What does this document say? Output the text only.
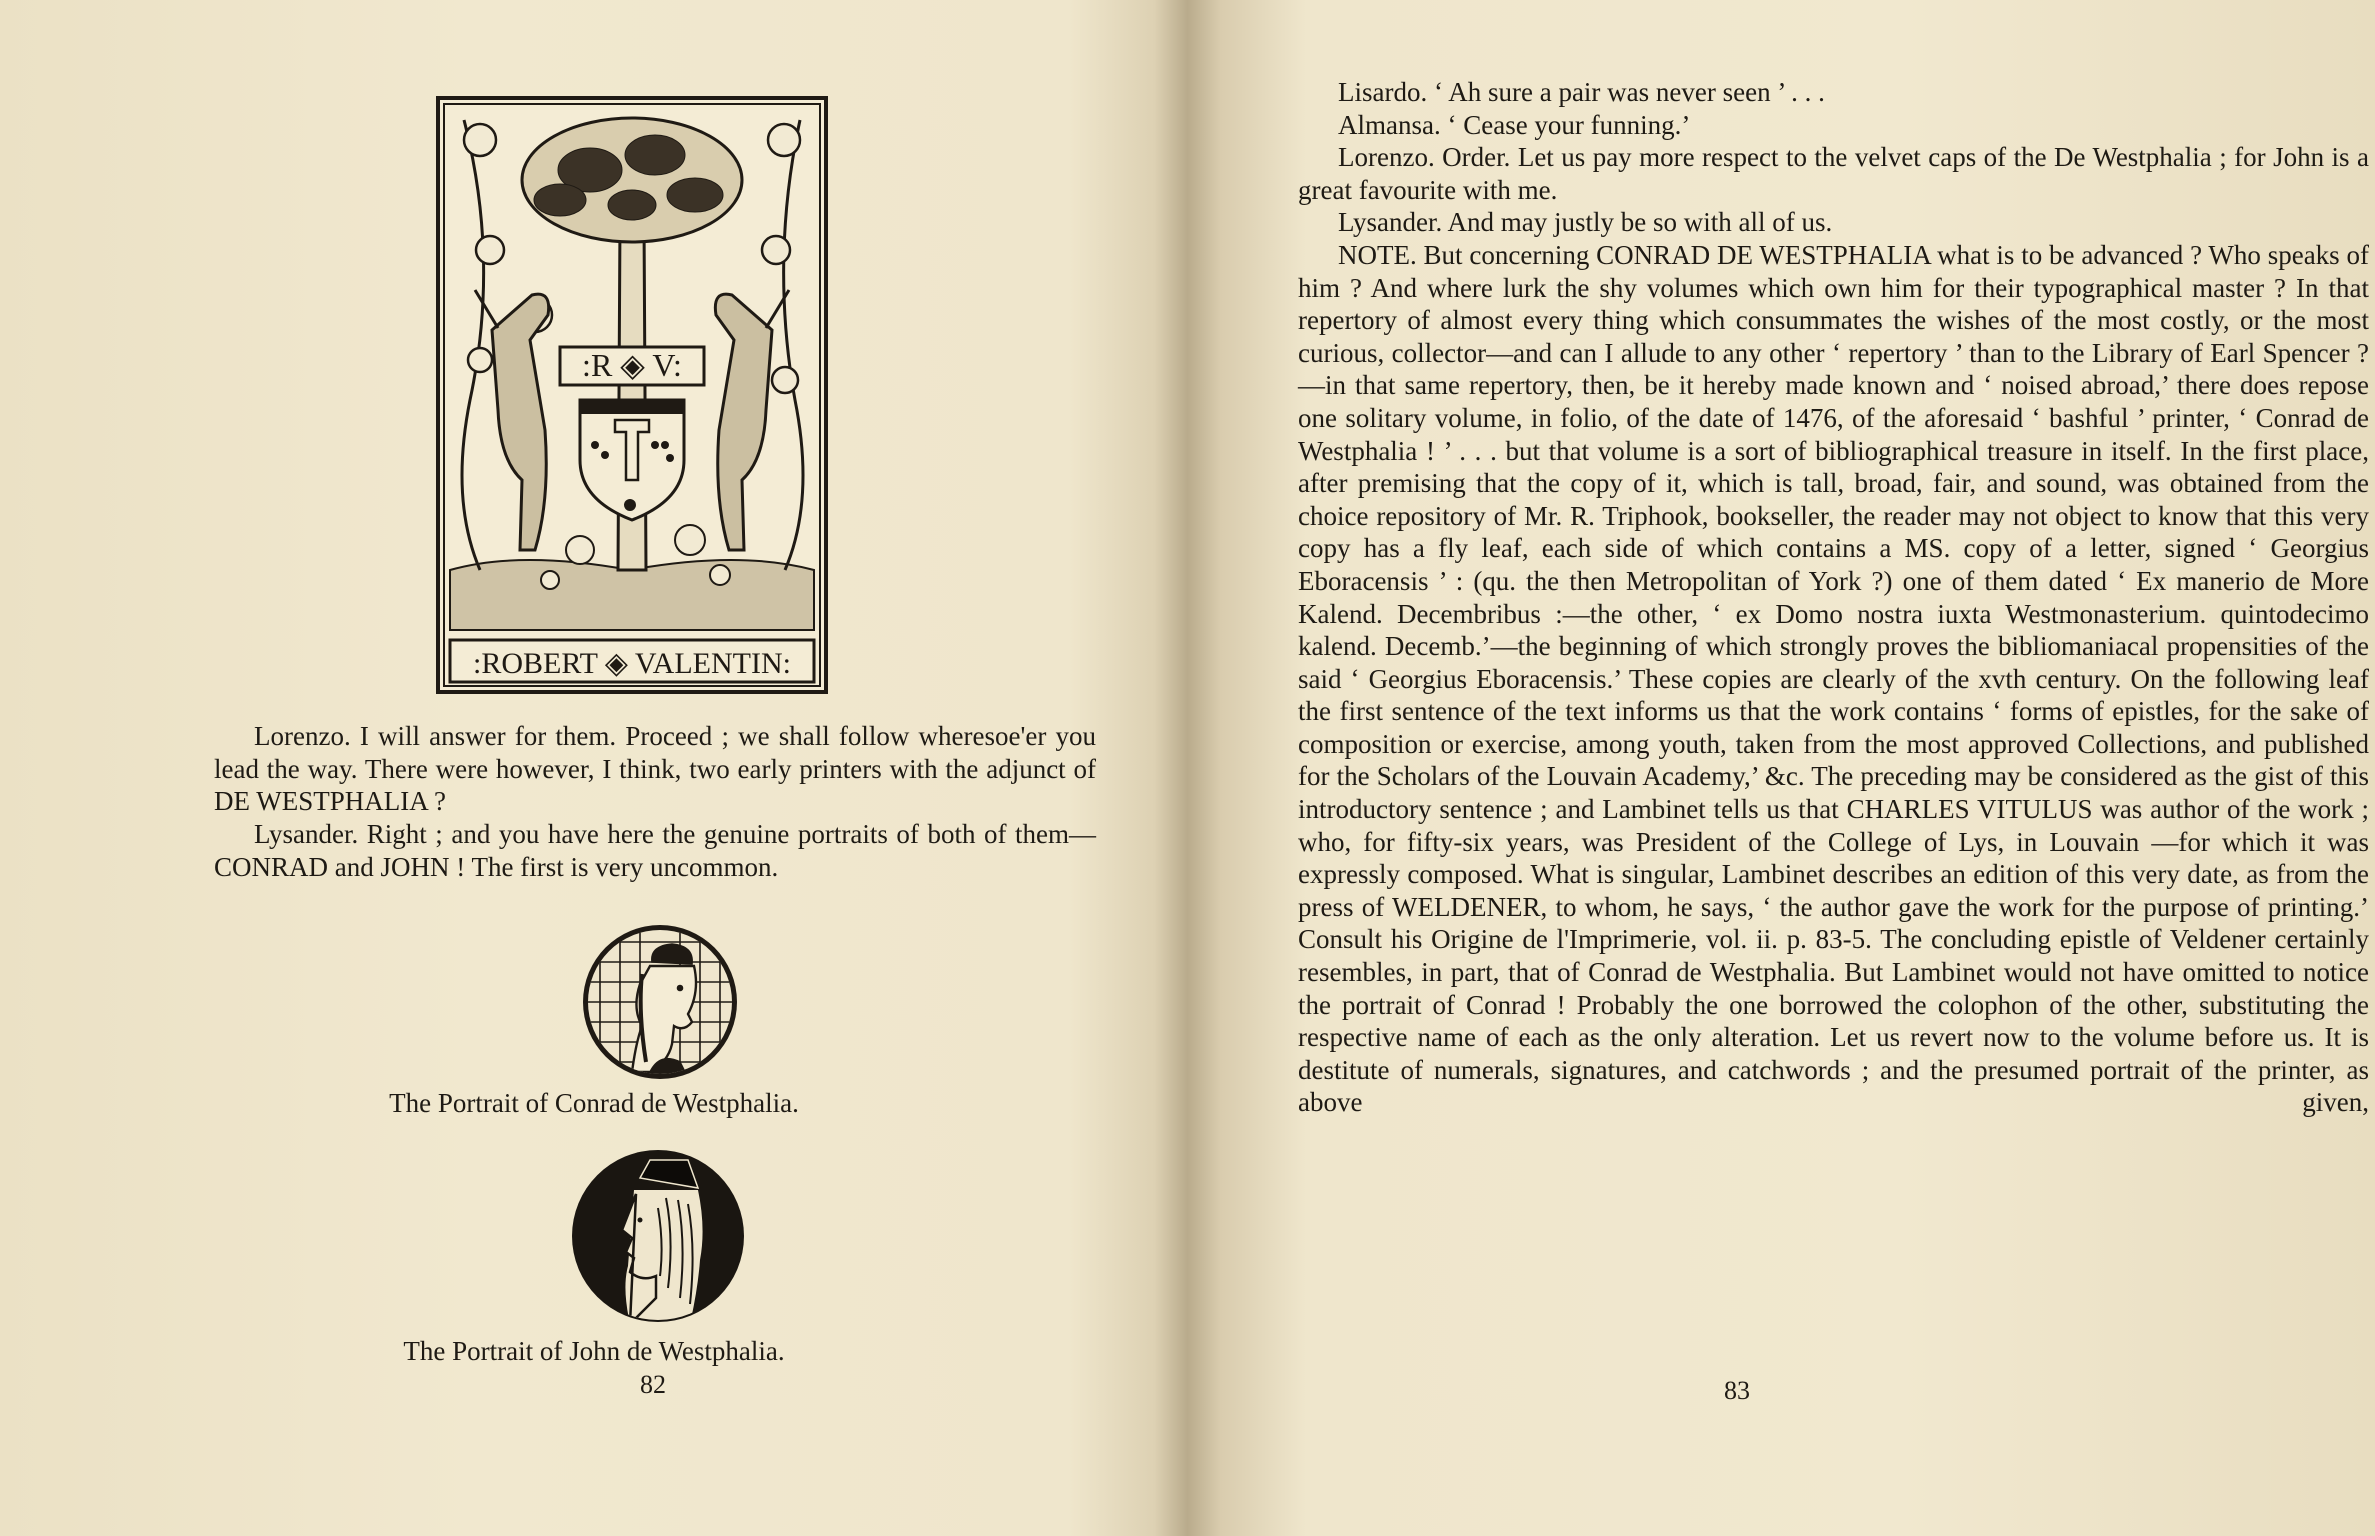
:R ◈ V:
:ROBERT ◈ VALENTIN:

Lorenzo. I will answer for them. Proceed ; we shall follow wheresoe'er you lead the way. There were however, I think, two early printers with the adjunct of DE WESTPHALIA ?

Lysander. Right ; and you have here the genuine portraits of both of them—CONRAD and JOHN ! The first is very uncommon.

The Portrait of Conrad de Westphalia.
The Portrait of John de Westphalia.
82

Lisardo. ‘ Ah sure a pair was never seen ’ . . .

Almansa. ‘ Cease your funning.’

Lorenzo. Order. Let us pay more respect to the velvet caps of the De Westphalia ; for John is a great favourite with me.

Lysander. And may justly be so with all of us.

NOTE. But concerning CONRAD DE WESTPHALIA what is to be advanced ? Who speaks of him ? And where lurk the shy volumes which own him for their typographical master ? In that repertory of almost every thing which consummates the wishes of the most costly, or the most curious, collector—and can I allude to any other ‘ repertory ’ than to the Library of Earl Spencer ?—in that same repertory, then, be it hereby made known and ‘ noised abroad,’ there does repose one solitary volume, in folio, of the date of 1476, of the aforesaid ‘ bashful ’ printer, ‘ Conrad de Westphalia ! ’ . . . but that volume is a sort of bibliographical treasure in itself. In the first place, after premising that the copy of it, which is tall, broad, fair, and sound, was obtained from the choice repository of Mr. R. Triphook, bookseller, the reader may not object to know that this very copy has a fly leaf, each side of which contains a MS. copy of a letter, signed ‘ Georgius Eboracensis ’ : (qu. the then Metropolitan of York ?) one of them dated ‘ Ex manerio de More Kalend. Decembribus :—the other, ‘ ex Domo nostra iuxta Westmonasterium. quintodecimo kalend. Decemb.’—the beginning of which strongly proves the bibliomaniacal propensities of the said ‘ Georgius Eboracensis.’ These copies are clearly of the xvth century. On the following leaf the first sentence of the text informs us that the work contains ‘ forms of epistles, for the sake of composition or exercise, among youth, taken from the most approved Collections, and published for the Scholars of the Louvain Academy,’ &c. The preceding may be considered as the gist of this introductory sentence ; and Lambinet tells us that CHARLES VITULUS was author of the work ; who, for fifty-six years, was President of the College of Lys, in Louvain —for which it was expressly composed. What is singular, Lambinet describes an edition of this very date, as from the press of WELDENER, to whom, he says, ‘ the author gave the work for the purpose of printing.’ Consult his Origine de l'Imprimerie, vol. ii. p. 83-5. The concluding epistle of Veldener certainly resembles, in part, that of Conrad de Westphalia. But Lambinet would not have omitted to notice the portrait of Conrad ! Probably the one borrowed the colophon of the other, substituting the respective name of each as the only alteration. Let us revert now to the volume before us. It is destitute of numerals, signatures, and catchwords ; and the presumed portrait of the printer, as above given,

83
